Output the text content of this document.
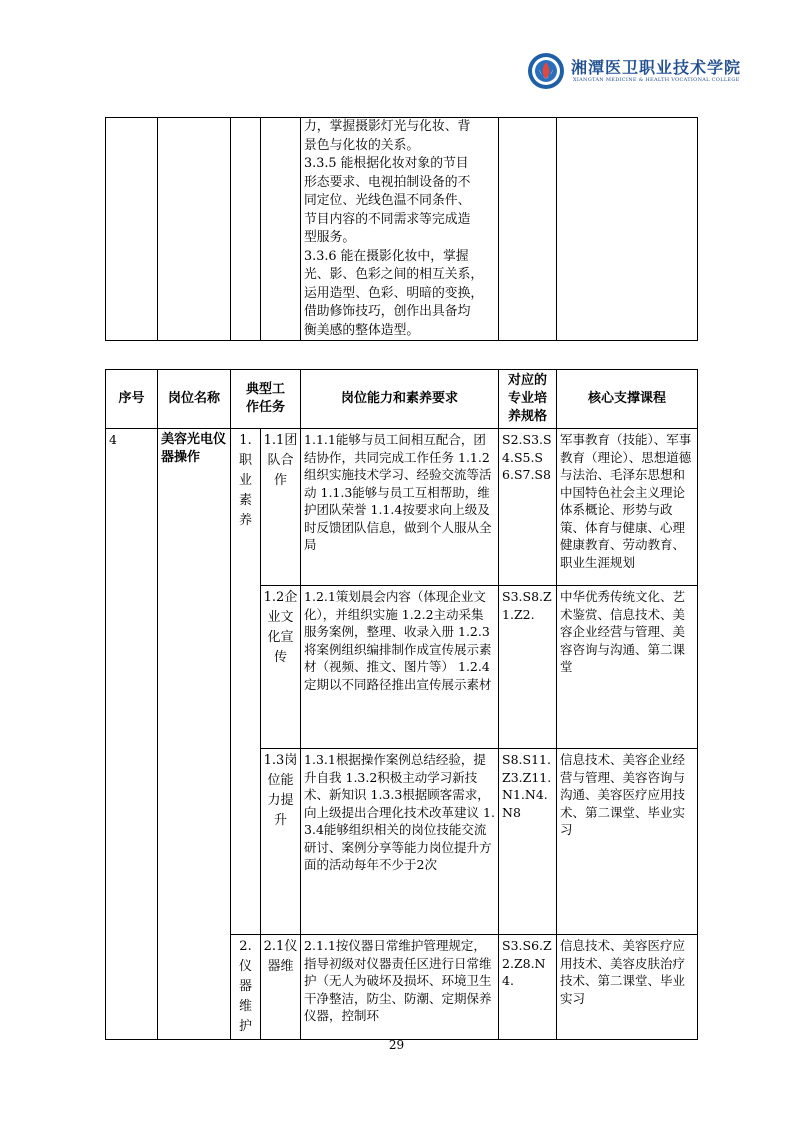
湘潭医卫职业技术学院
XIANGTAN MEDICINE & HEALTH VOCATIONAL COLLEGE

力，掌握摄影灯光与化妆、背
景色与化妆的关系。
3.3.5 能根据化妆对象的节目
形态要求、电视拍制设备的不
同定位、光线色温不同条件、
节目内容的不同需求等完成造
型服务。
3.3.6 能在摄影化妆中，掌握
光、影、色彩之间的相互关系，
运用造型、色彩、明暗的变换，
借助修饰技巧，创作出具备均
衡美感的整体造型。

序号	岗位名称	典型工作任务		岗位能力和素养要求	对应的专业培养规格	核心支撑课程
4	美容光电仪器操作	1.职业素养	1.1团队合作	1.1.1能够与员工间相互配合，团结协作，共同完成工作任务 1.1.2组织实施技术学习、经验交流等活动 1.1.3能够与员工互相帮助，维护团队荣誉 1.1.4按要求向上级及时反馈团队信息，做到个人服从全局	S2.S3.S4.S5.S6.S7.S8	军事教育（技能）、军事教育（理论）、思想道德与法治、毛泽东思想和中国特色社会主义理论体系概论、形势与政策、体育与健康、心理健康教育、劳动教育、职业生涯规划
			1.2企业文化宣传	1.2.1策划晨会内容（体现企业文化），并组织实施 1.2.2主动采集服务案例，整理、收录入册 1.2.3将案例组织编排制作成宣传展示素材（视频、推文、图片等） 1.2.4定期以不同路径推出宣传展示素材	S3.S8.Z1.Z2.	中华优秀传统文化、艺术鉴赏、信息技术、美容企业经营与管理、美容咨询与沟通、第二课堂
			1.3岗位能力提升	1.3.1根据操作案例总结经验，提升自我 1.3.2积极主动学习新技术、新知识 1.3.3根据顾客需求，向上级提出合理化技术改革建议 1.3.4能够组织相关的岗位技能交流研讨、案例分享等能力岗位提升方面的活动每年不少于2次	S8.S11.Z3.Z11.N1.N4.N8	信息技术、美容企业经营与管理、美容咨询与沟通、美容医疗应用技术、第二课堂、毕业实习
		2.仪器维护	2.1仪器维	2.1.1按仪器日常维护管理规定，指导初级对仪器责任区进行日常维护（无人为破坏及损坏、环境卫生干净整洁，防尘、防潮、定期保养仪器，控制环	S3.S6.Z2.Z8.N4.	信息技术、美容医疗应用技术、美容皮肤治疗技术、第二课堂、毕业实习
29
